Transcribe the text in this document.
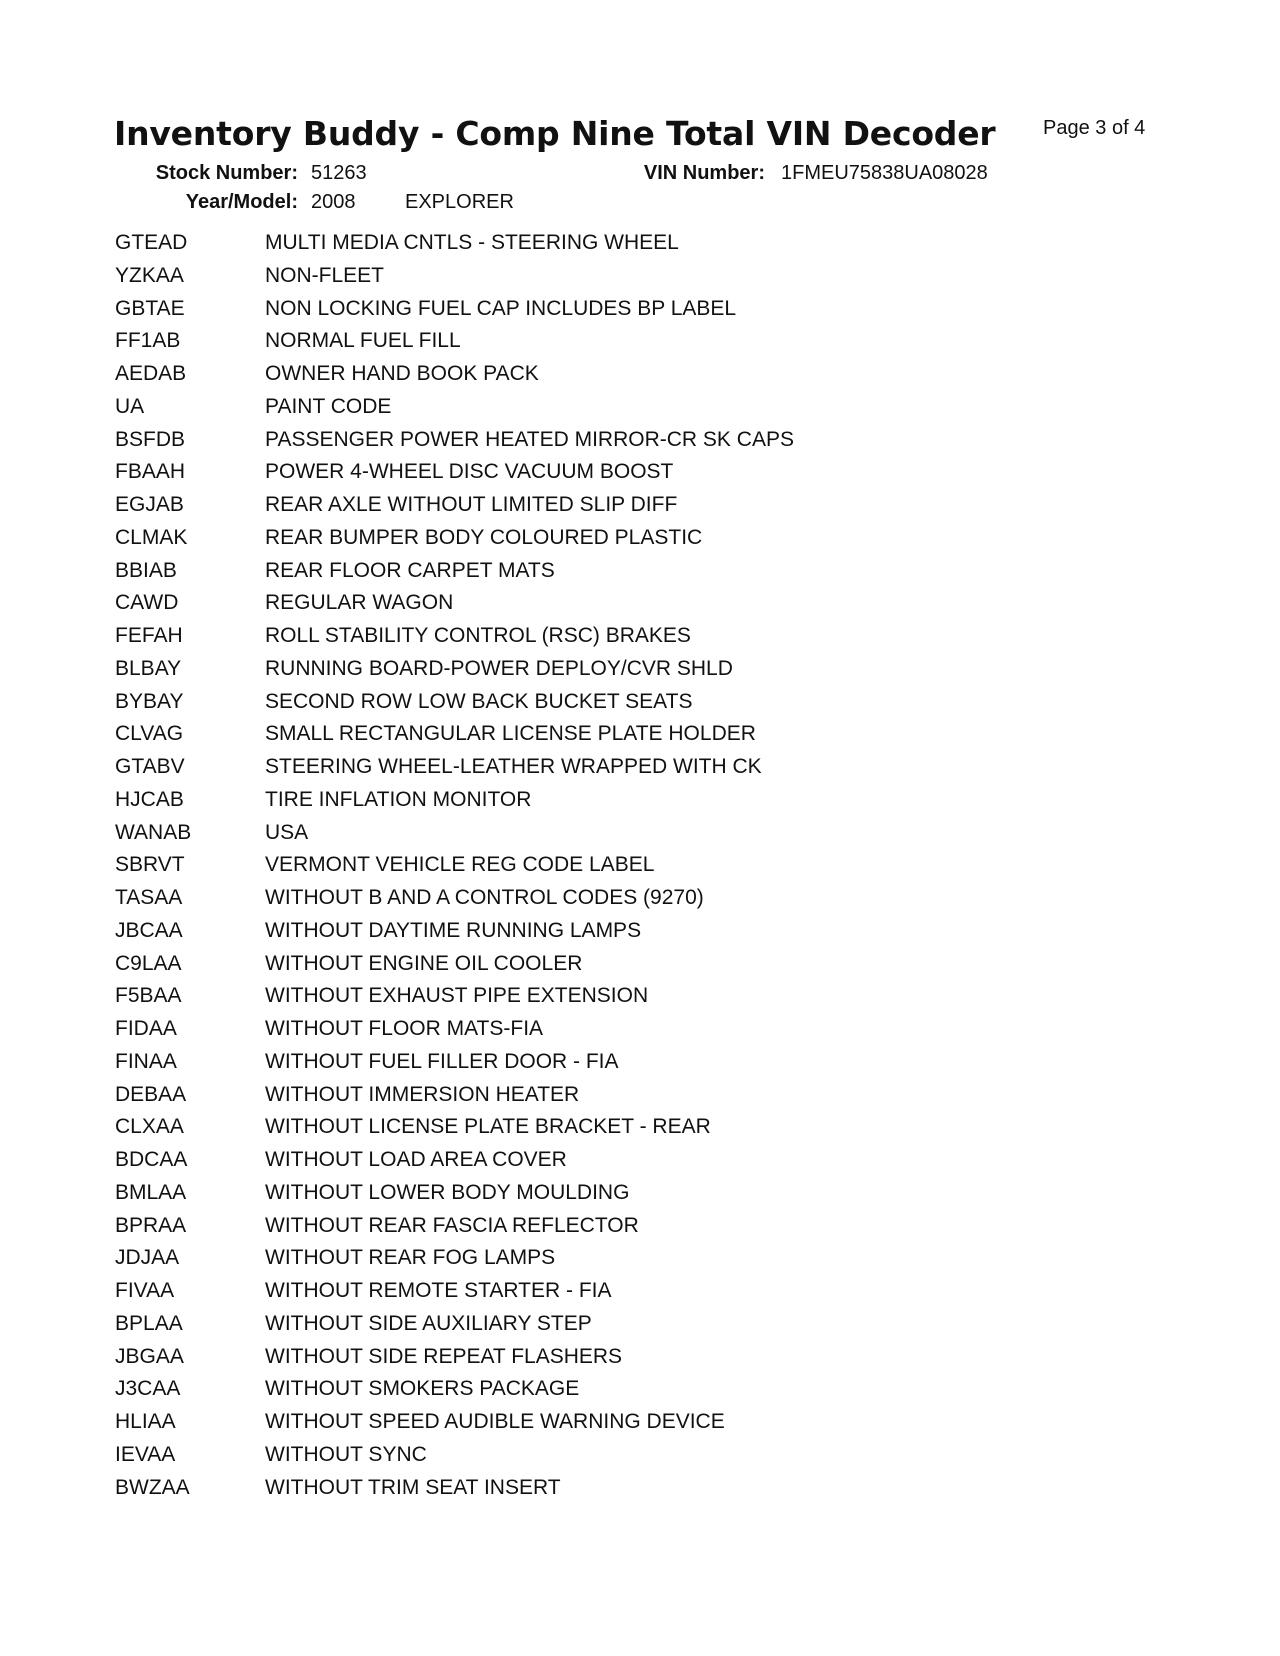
Inventory Buddy - Comp Nine Total VIN Decoder Page 3 of 4
Stock Number: 51263	VIN Number: 1FMEU75838UA08028
Year/Model: 2008 EXPLORER
GTEAD	MULTI MEDIA CNTLS - STEERING WHEEL
YZKAA	NON-FLEET
GBTAE	NON LOCKING FUEL CAP INCLUDES BP LABEL
FF1AB	NORMAL FUEL FILL
AEDAB	OWNER HAND BOOK PACK
UA	PAINT CODE
BSFDB	PASSENGER POWER HEATED MIRROR-CR SK CAPS
FBAAH	POWER 4-WHEEL DISC VACUUM BOOST
EGJAB	REAR AXLE WITHOUT LIMITED SLIP DIFF
CLMAK	REAR BUMPER BODY COLOURED PLASTIC
BBIAB	REAR FLOOR CARPET MATS
CAWD	REGULAR WAGON
FEFAH	ROLL STABILITY CONTROL (RSC) BRAKES
BLBAY	RUNNING BOARD-POWER DEPLOY/CVR SHLD
BYBAY	SECOND ROW LOW BACK BUCKET SEATS
CLVAG	SMALL RECTANGULAR LICENSE PLATE HOLDER
GTABV	STEERING WHEEL-LEATHER WRAPPED WITH CK
HJCAB	TIRE INFLATION MONITOR
WANAB	USA
SBRVT	VERMONT VEHICLE REG CODE LABEL
TASAA	WITHOUT B AND A CONTROL CODES (9270)
JBCAA	WITHOUT DAYTIME RUNNING LAMPS
C9LAA	WITHOUT ENGINE OIL COOLER
F5BAA	WITHOUT EXHAUST PIPE EXTENSION
FIDAA	WITHOUT FLOOR MATS-FIA
FINAA	WITHOUT FUEL FILLER DOOR - FIA
DEBAA	WITHOUT IMMERSION HEATER
CLXAA	WITHOUT LICENSE PLATE BRACKET - REAR
BDCAA	WITHOUT LOAD AREA COVER
BMLAA	WITHOUT LOWER BODY MOULDING
BPRAA	WITHOUT REAR FASCIA REFLECTOR
JDJAA	WITHOUT REAR FOG LAMPS
FIVAA	WITHOUT REMOTE STARTER - FIA
BPLAA	WITHOUT SIDE AUXILIARY STEP
JBGAA	WITHOUT SIDE REPEAT FLASHERS
J3CAA	WITHOUT SMOKERS PACKAGE
HLIAA	WITHOUT SPEED AUDIBLE WARNING DEVICE
IEVAA	WITHOUT SYNC
BWZAA	WITHOUT TRIM SEAT INSERT
